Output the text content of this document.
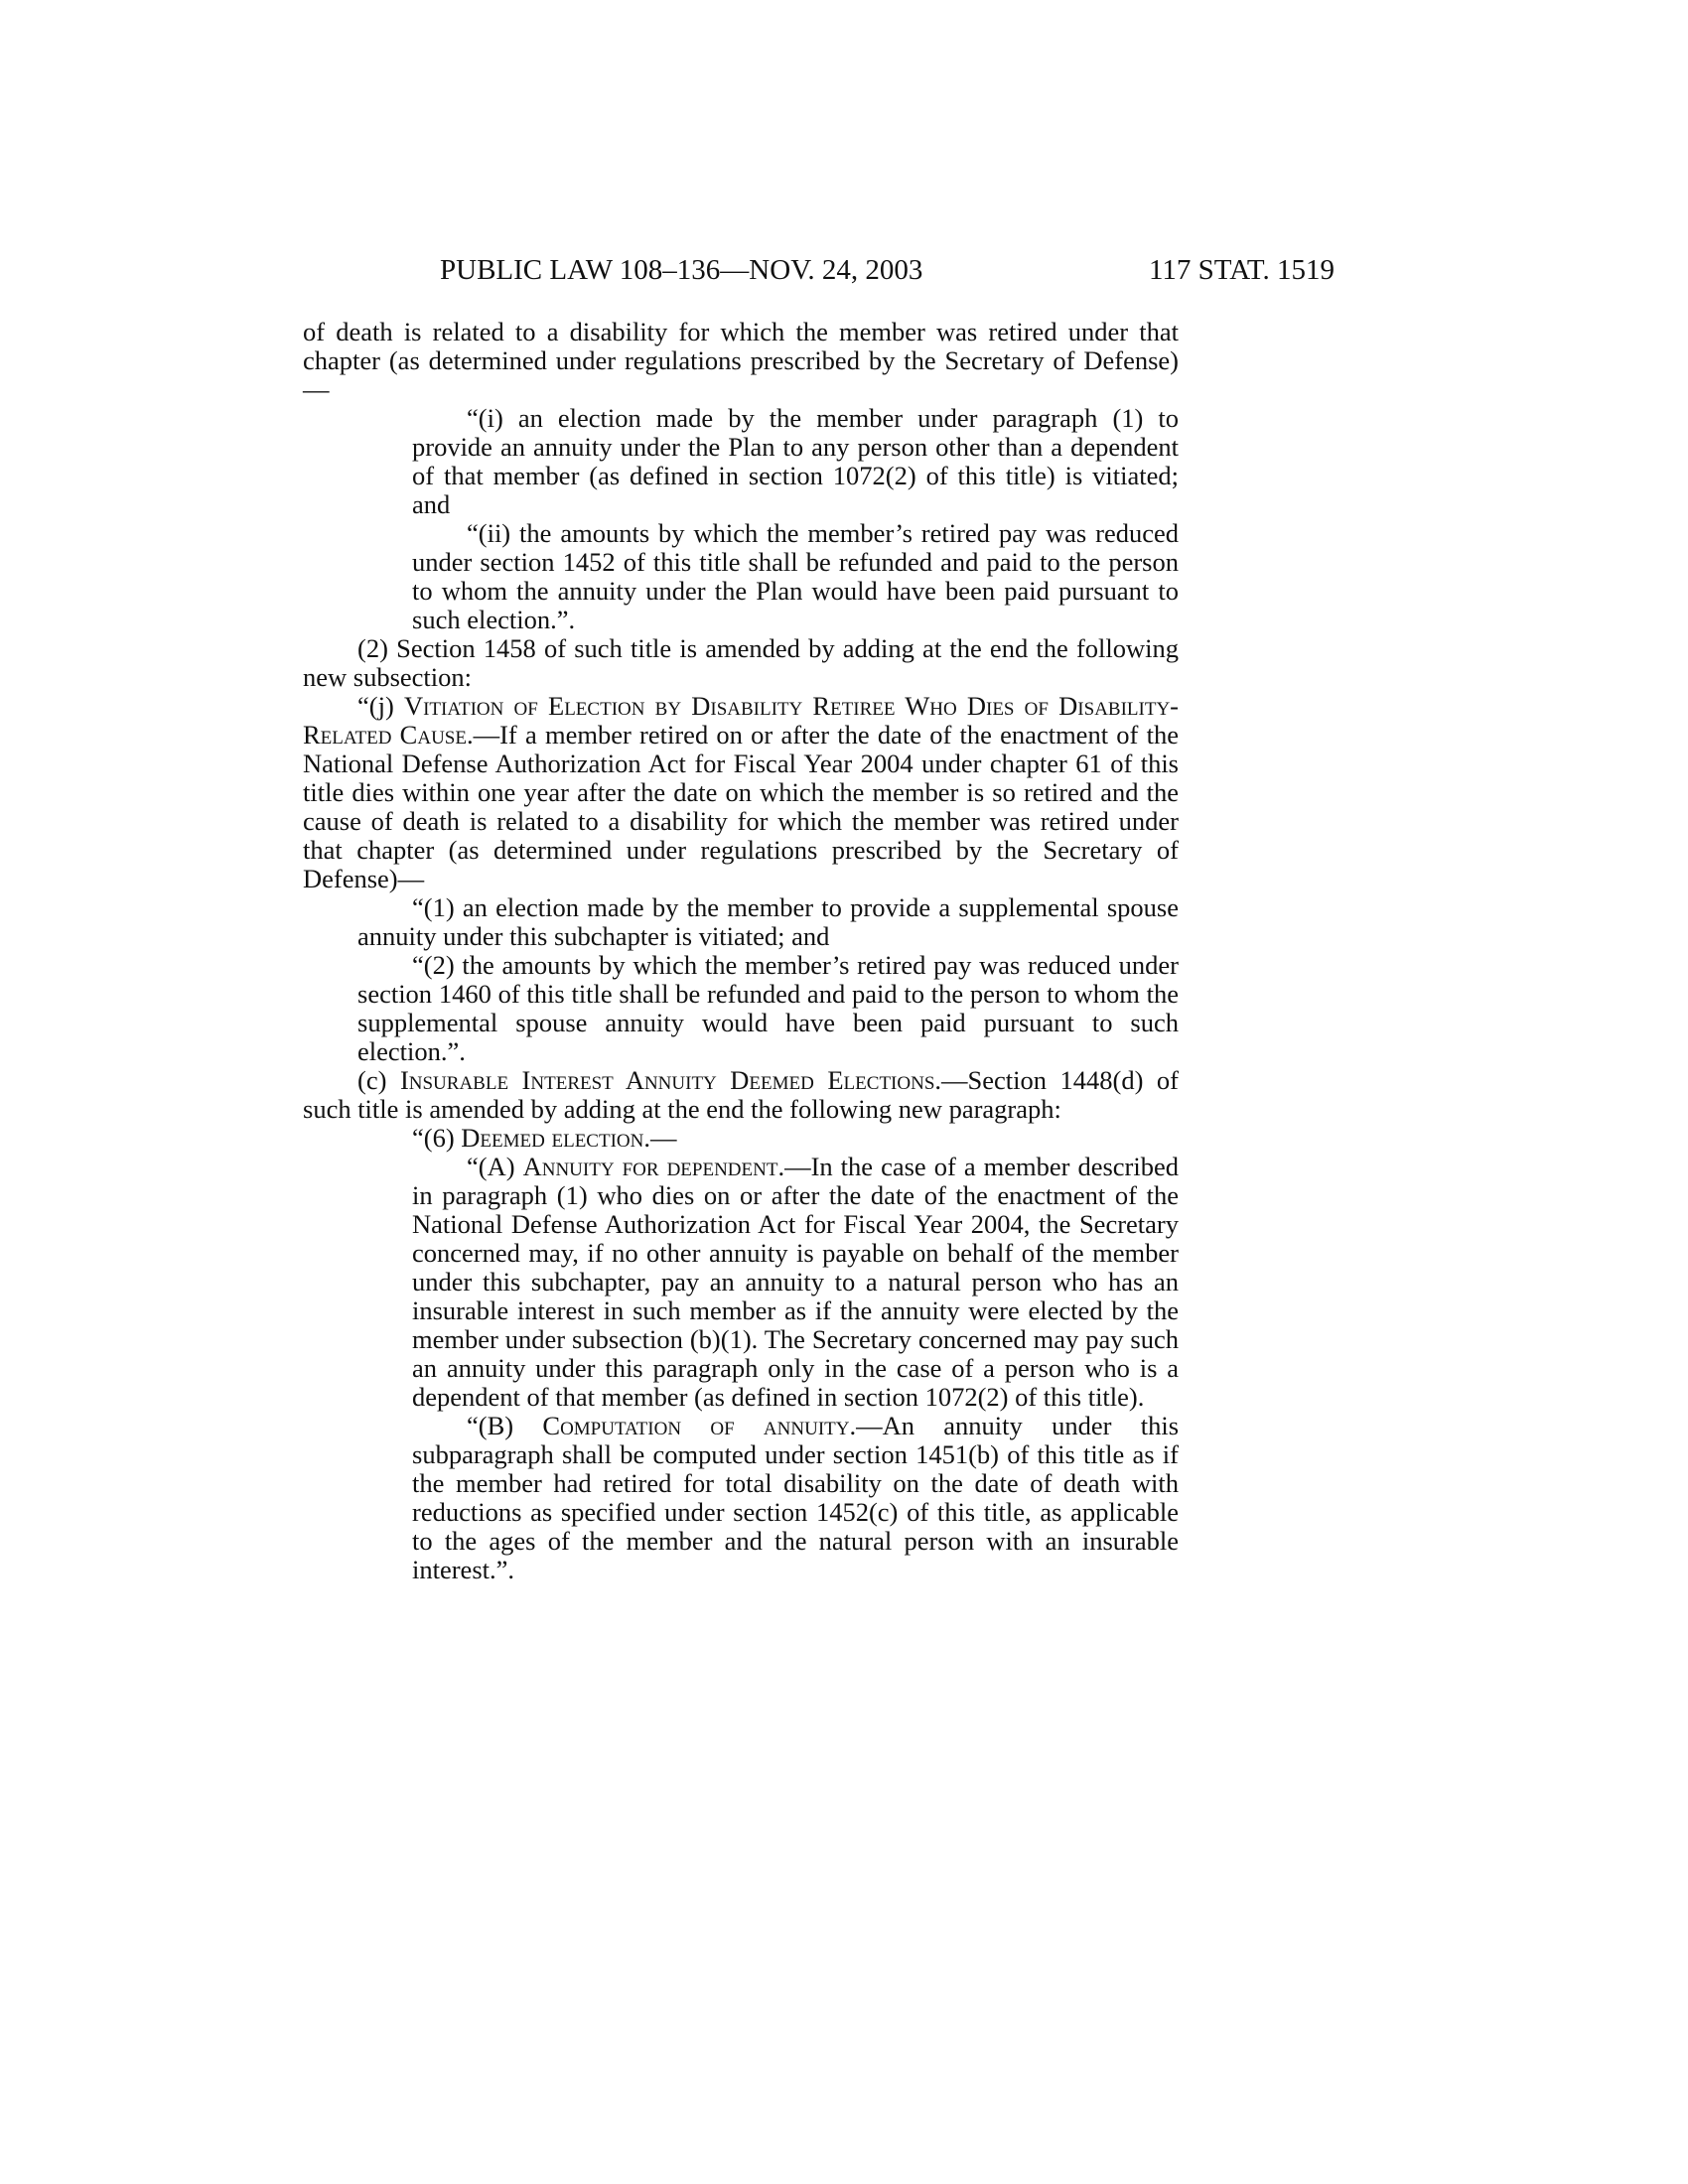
PUBLIC LAW 108–136—NOV. 24, 2003	117 STAT. 1519

of death is related to a disability for which the member was retired under that chapter (as determined under regulations prescribed by the Secretary of Defense)—

“(i) an election made by the member under paragraph (1) to provide an annuity under the Plan to any person other than a dependent of that member (as defined in section 1072(2) of this title) is vitiated; and

“(ii) the amounts by which the member’s retired pay was reduced under section 1452 of this title shall be refunded and paid to the person to whom the annuity under the Plan would have been paid pursuant to such election.”.

(2) Section 1458 of such title is amended by adding at the end the following new subsection:

“(j) Vitiation of Election by Disability Retiree Who Dies of Disability-Related Cause.—If a member retired on or after the date of the enactment of the National Defense Authorization Act for Fiscal Year 2004 under chapter 61 of this title dies within one year after the date on which the member is so retired and the cause of death is related to a disability for which the member was retired under that chapter (as determined under regulations prescribed by the Secretary of Defense)—

“(1) an election made by the member to provide a supplemental spouse annuity under this subchapter is vitiated; and

“(2) the amounts by which the member’s retired pay was reduced under section 1460 of this title shall be refunded and paid to the person to whom the supplemental spouse annuity would have been paid pursuant to such election.”.

(c) Insurable Interest Annuity Deemed Elections.—Section 1448(d) of such title is amended by adding at the end the following new paragraph:

“(6) Deemed election.—

“(A) Annuity for dependent.—In the case of a member described in paragraph (1) who dies on or after the date of the enactment of the National Defense Authorization Act for Fiscal Year 2004, the Secretary concerned may, if no other annuity is payable on behalf of the member under this subchapter, pay an annuity to a natural person who has an insurable interest in such member as if the annuity were elected by the member under subsection (b)(1). The Secretary concerned may pay such an annuity under this paragraph only in the case of a person who is a dependent of that member (as defined in section 1072(2) of this title).

“(B) Computation of annuity.—An annuity under this subparagraph shall be computed under section 1451(b) of this title as if the member had retired for total disability on the date of death with reductions as specified under section 1452(c) of this title, as applicable to the ages of the member and the natural person with an insurable interest.”.
